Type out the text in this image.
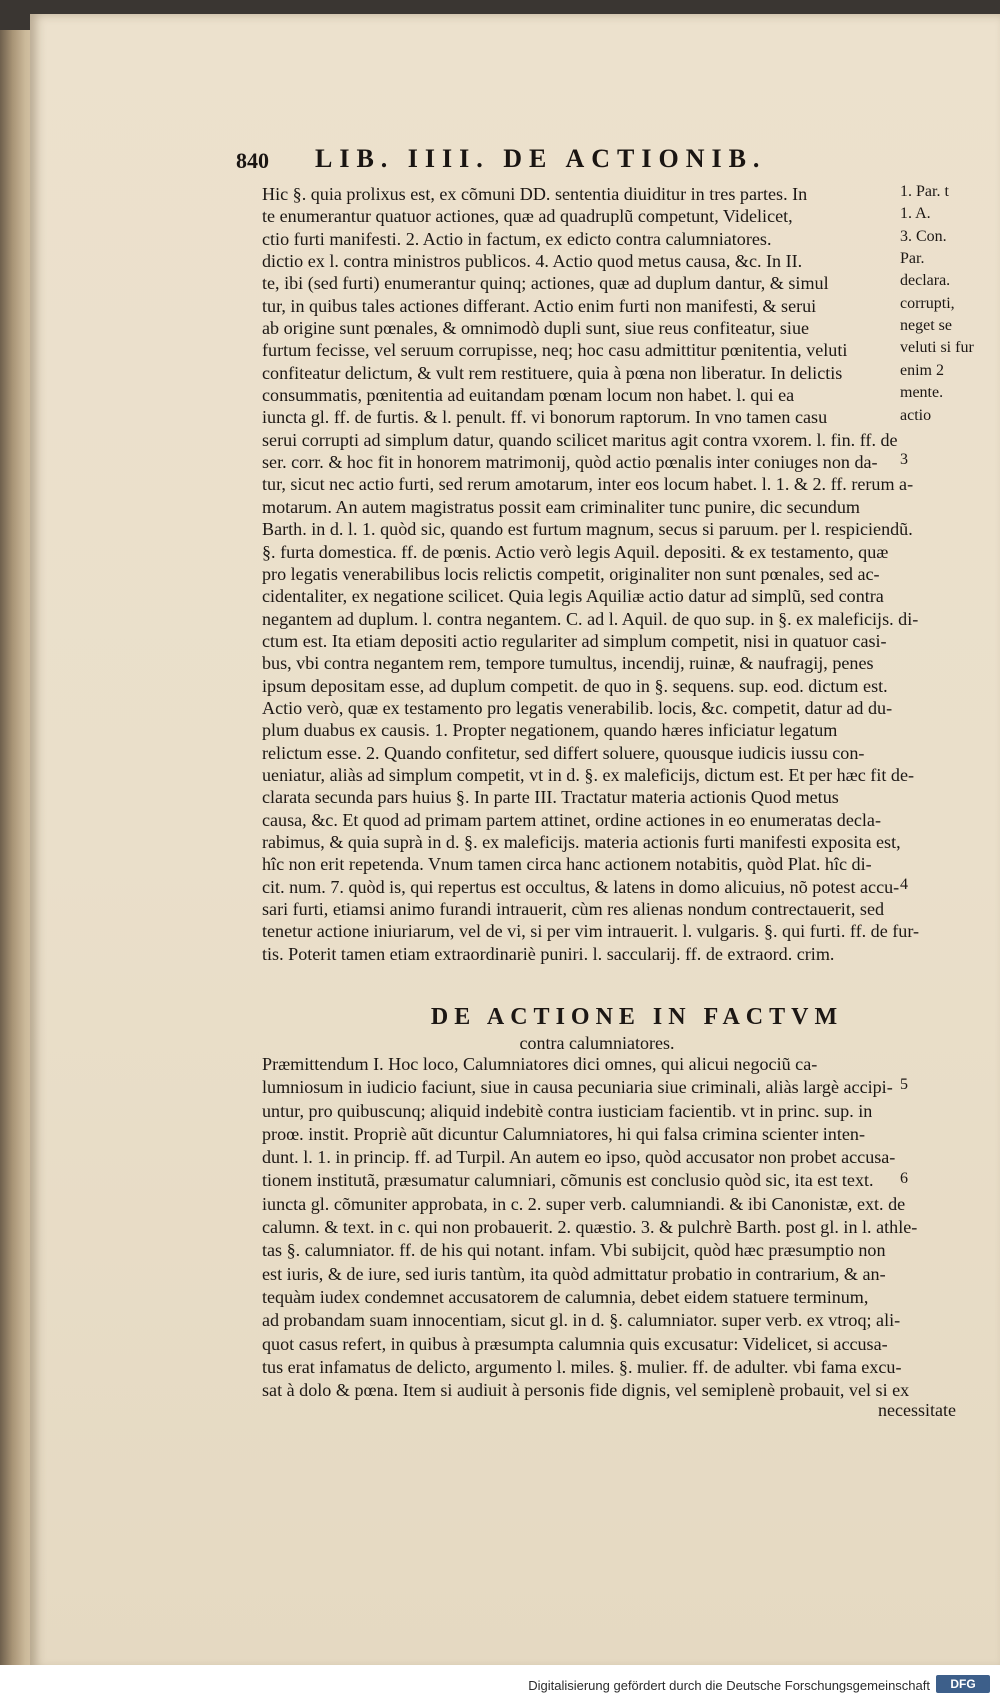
840 LIB. IIII. DE ACTIONIB.
Hic §. quia prolixus est, ex cõmuni DD. sententia diuiditur in tres partes. In
te enumerantur quatuor actiones, quæ ad quadruplũ competunt, Videlicet,
ctio furti manifesti. 2. Actio in factum, ex edicto contra calumniatores.
dictio ex l. contra ministros publicos. 4. Actio quod metus causa, &c. In II.
te, ibi (sed furti) enumerantur quinq; actiones, quæ ad duplum dantur, & simul
tur, in quibus tales actiones differant. Actio enim furti non manifesti, & serui
ab origine sunt pœnales, & omnimodò dupli sunt, siue reus confiteatur, siue
furtum fecisse, vel seruum corrupisse, neq; hoc casu admittitur pœnitentia, veluti
confiteatur delictum, & vult rem restituere, quia à pœna non liberatur. In delictis
consummatis, pœnitentia ad euitandam pœnam locum non habet. l. qui ea
iuncta gl. ff. de furtis. & l. penult. ff. vi bonorum raptorum. In vno tamen casu
serui corrupti ad simplum datur, quando scilicet maritus agit contra vxorem. l. fin. ff. de
ser. corr. & hoc fit in honorem matrimonij, quòd actio pœnalis inter coniuges non da-
tur, sicut nec actio furti, sed rerum amotarum, inter eos locum habet. l. 1. & 2. ff. rerum a-
motarum. An autem magistratus possit eam criminaliter tunc punire, dic secundum
Barth. in d. l. 1. quòd sic, quando est furtum magnum, secus si paruum. per l. respiciendũ.
§. furta domestica. ff. de pœnis. Actio verò legis Aquil. depositi. & ex testamento, quæ
pro legatis venerabilibus locis relictis competit, originaliter non sunt pœnales, sed ac-
cidentaliter, ex negatione scilicet. Quia legis Aquiliæ actio datur ad simplũ, sed contra
negantem ad duplum. l. contra negantem. C. ad l. Aquil. de quo sup. in §. ex maleficijs. di-
ctum est. Ita etiam depositi actio regulariter ad simplum competit, nisi in quatuor casi-
bus, vbi contra negantem rem, tempore tumultus, incendij, ruinæ, & naufragij, penes
ipsum depositam esse, ad duplum competit. de quo in §. sequens. sup. eod. dictum est.
Actio verò, quæ ex testamento pro legatis venerabilib. locis, &c. competit, datur ad du-
plum duabus ex causis. 1. Propter negationem, quando hæres inficiatur legatum
relictum esse. 2. Quando confitetur, sed differt soluere, quousque iudicis iussu con-
ueniatur, aliàs ad simplum competit, vt in d. §. ex maleficijs, dictum est. Et per hæc fit de-
clarata secunda pars huius §. In parte III. Tractatur materia actionis Quod metus
causa, &c. Et quod ad primam partem attinet, ordine actiones in eo enumeratas decla-
rabimus, & quia suprà in d. §. ex maleficijs. materia actionis furti manifesti exposita est,
hîc non erit repetenda. Vnum tamen circa hanc actionem notabitis, quòd Plat. hîc di-
cit. num. 7. quòd is, qui repertus est occultus, & latens in domo alicuius, nõ potest accu-
sari furti, etiamsi animo furandi intrauerit, cùm res alienas nondum contrectauerit, sed
tenetur actione iniuriarum, vel de vi, si per vim intrauerit. l. vulgaris. §. qui furti. ff. de fur-
tis. Poterit tamen etiam extraordinariè puniri. l. saccularij. ff. de extraord. crim.
DE ACTIONE IN FACTVM
contra calumniatores.
Præmittendum I. Hoc loco, Calumniatores dici omnes, qui alicui negociũ ca-
lumniosum in iudicio faciunt, siue in causa pecuniaria siue criminali, aliàs largè accipi-
untur, pro quibuscunq; aliquid indebitè contra iusticiam facientib. vt in princ. sup. in
proœ. instit. Propriè aũt dicuntur Calumniatores, hi qui falsa crimina scienter inten-
dunt. l. 1. in princip. ff. ad Turpil. An autem eo ipso, quòd accusator non probet accusa-
tionem institutã, præsumatur calumniari, cõmunis est conclusio quòd sic, ita est text.
iuncta gl. cõmuniter approbata, in c. 2. super verb. calumniandi. & ibi Canonistæ, ext. de
calumn. & text. in c. qui non probauerit. 2. quæstio. 3. & pulchrè Barth. post gl. in l. athle-
tas §. calumniator. ff. de his qui notant. infam. Vbi subijcit, quòd hæc præsumptio non
est iuris, & de iure, sed iuris tantùm, ita quòd admittatur probatio in contrarium, & an-
tequàm iudex condemnet accusatorem de calumnia, debet eidem statuere terminum,
ad probandam suam innocentiam, sicut gl. in d. §. calumniator. super verb. ex vtroq; ali-
quot casus refert, in quibus à præsumpta calumnia quis excusatur: Videlicet, si accusa-
tus erat infamatus de delicto, argumento l. miles. §. mulier. ff. de adulter. vbi fama excu-
sat à dolo & pœna. Item si audiuit à personis fide dignis, vel semiplenè probauit, vel si ex
necessitate
1. Par. t
1. A.
3. Con.
Par.
declara.
corrupti,
neget se
veluti si fur
enim 2
mente.
actio
3
4
5
6
Digitalisierung gefördert durch die Deutsche Forschungsgemeinschaft	DFG
